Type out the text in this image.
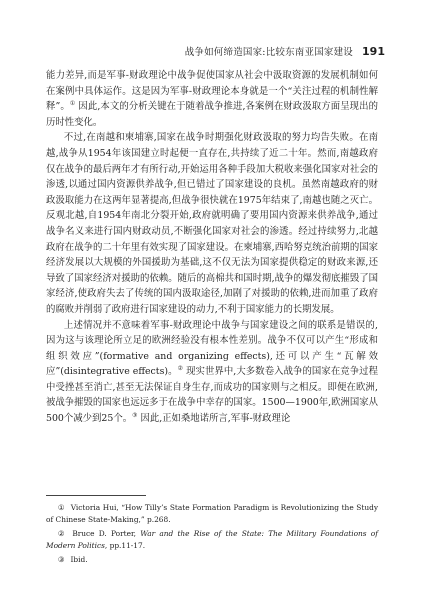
战争如何缔造国家:比较东南亚国家建设 191

能力差异,而是军事-财政理论中战争促使国家从社会中汲取资源的发展机制如何在案例中具体运作。这是因为军事-财政理论本身就是一个“关注过程的机制性解释”。① 因此,本文的分析关键在于随着战争推进,各案例在财政汲取方面呈现出的历时性变化。

不过,在南越和柬埔寨,国家在战争时期强化财政汲取的努力均告失败。在南越,战争从1954年该国建立时起便一直存在,共持续了近二十年。然而,南越政府仅在战争的最后两年才有所行动,开始运用各种手段加大税收来强化国家对社会的渗透,以通过国内资源供养战争,但已错过了国家建设的良机。虽然南越政府的财政汲取能力在这两年显著提高,但战争很快就在1975年结束了,南越也随之灭亡。反观北越,自1954年南北分裂开始,政府就明确了要用国内资源来供养战争,通过战争名义来进行国内财政动员,不断强化国家对社会的渗透。经过持续努力,北越政府在战争的二十年里有效实现了国家建设。在柬埔寨,西哈努克统治前期的国家经济发展以大规模的外国援助为基础,这不仅无法为国家提供稳定的财政来源,还导致了国家经济对援助的依赖。随后的高棉共和国时期,战争的爆发彻底摧毁了国家经济,使政府失去了传统的国内汲取途径,加剧了对援助的依赖,进而加重了政府的腐败并削弱了政府进行国家建设的动力,不利于国家能力的长期发展。

上述情况并不意味着军事-财政理论中战争与国家建设之间的联系是错误的,因为这与该理论所立足的欧洲经验没有根本性差别。战争不仅可以产生“形成和组织效应”(formative and organizing effects),还可以产生“瓦解效应”(disintegrative effects)。② 现实世界中,大多数卷入战争的国家在竞争过程中受挫甚至消亡,甚至无法保证自身生存,而成功的国家则与之相反。即便在欧洲,被战争摧毁的国家也远远多于在战争中幸存的国家。1500—1900年,欧洲国家从500个减少到25个。③ 因此,正如桑地诺所言,军事-财政理论

① Victoria Hui, “How Tilly’s State Formation Paradigm is Revolutionizing the Study of Chinese State-Making,” p.268.

② Bruce D. Porter, War and the Rise of the State: The Military Foundations of Modern Politics, pp.11-17.

③ Ibid.
